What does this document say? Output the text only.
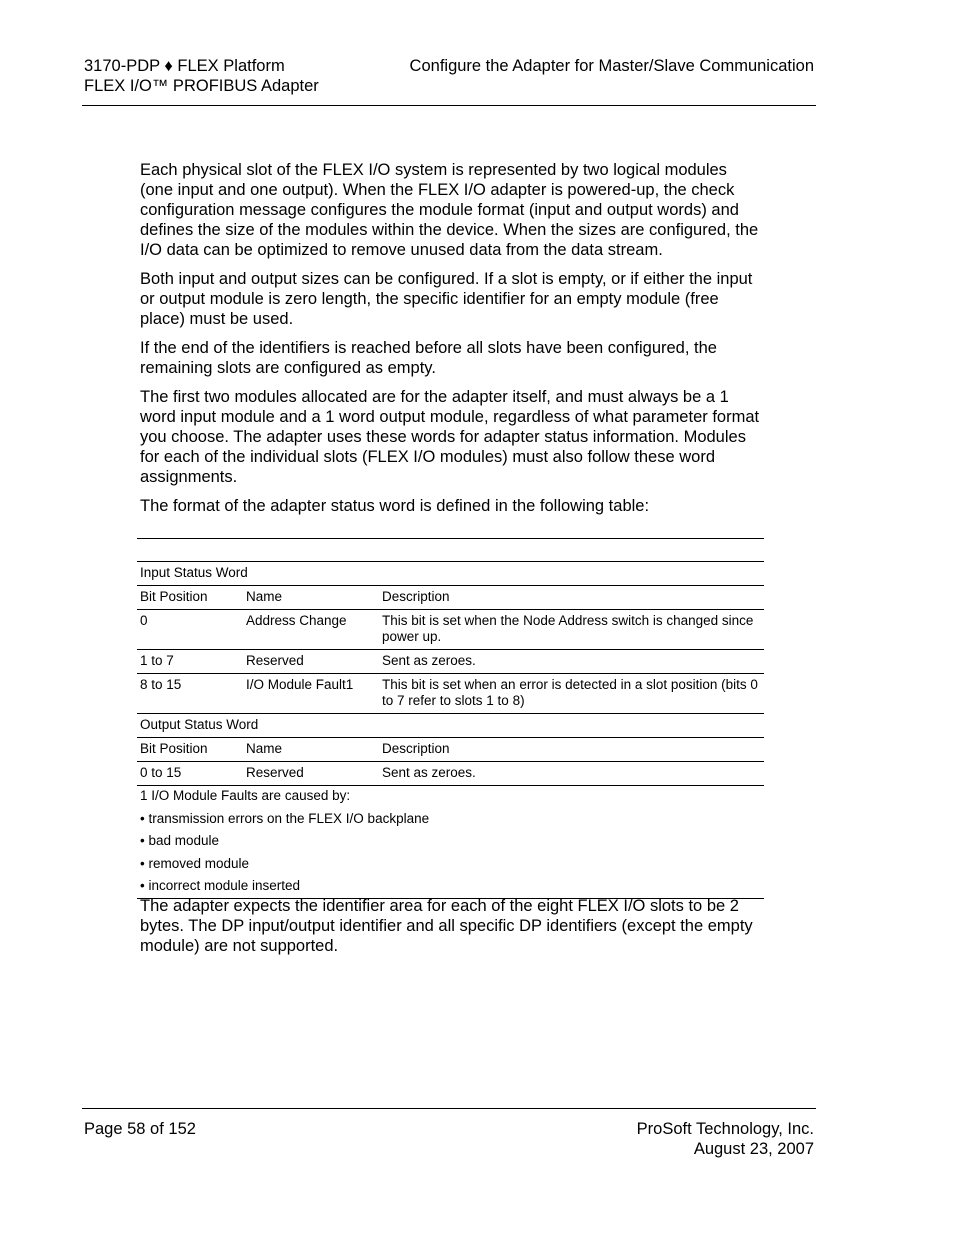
3170-PDP ♦ FLEX Platform
FLEX I/O™ PROFIBUS Adapter
Configure the Adapter for Master/Slave Communication

Each physical slot of the FLEX I/O system is represented by two logical modules (one input and one output). When the FLEX I/O adapter is powered-up, the check configuration message configures the module format (input and output words) and defines the size of the modules within the device. When the sizes are configured, the I/O data can be optimized to remove unused data from the data stream.

Both input and output sizes can be configured. If a slot is empty, or if either the input or output module is zero length, the specific identifier for an empty module (free place) must be used.

If the end of the identifiers is reached before all slots have been configured, the remaining slots are configured as empty.

The first two modules allocated are for the adapter itself, and must always be a 1 word input module and a 1 word output module, regardless of what parameter format you choose. The adapter uses these words for adapter status information. Modules for each of the individual slots (FLEX I/O modules) must also follow these word assignments.

The format of the adapter status word is defined in the following table:

Input Status Word		
Bit Position	Name	Description
0	Address Change	This bit is set when the Node Address switch is changed since power up.
1 to 7	Reserved	Sent as zeroes.
8 to 15	I/O Module Fault1	This bit is set when an error is detected in a slot position (bits 0 to 7 refer to slots 1 to 8)
Output Status Word		
Bit Position	Name	Description
0 to 15	Reserved	Sent as zeroes.
1 I/O Module Faults are caused by:
• transmission errors on the FLEX I/O backplane
• bad module
• removed module
• incorrect module inserted

The adapter expects the identifier area for each of the eight FLEX I/O slots to be 2 bytes. The DP input/output identifier and all specific DP identifiers (except the empty module) are not supported.

Page 58 of 152	ProSoft Technology, Inc.
August 23, 2007
